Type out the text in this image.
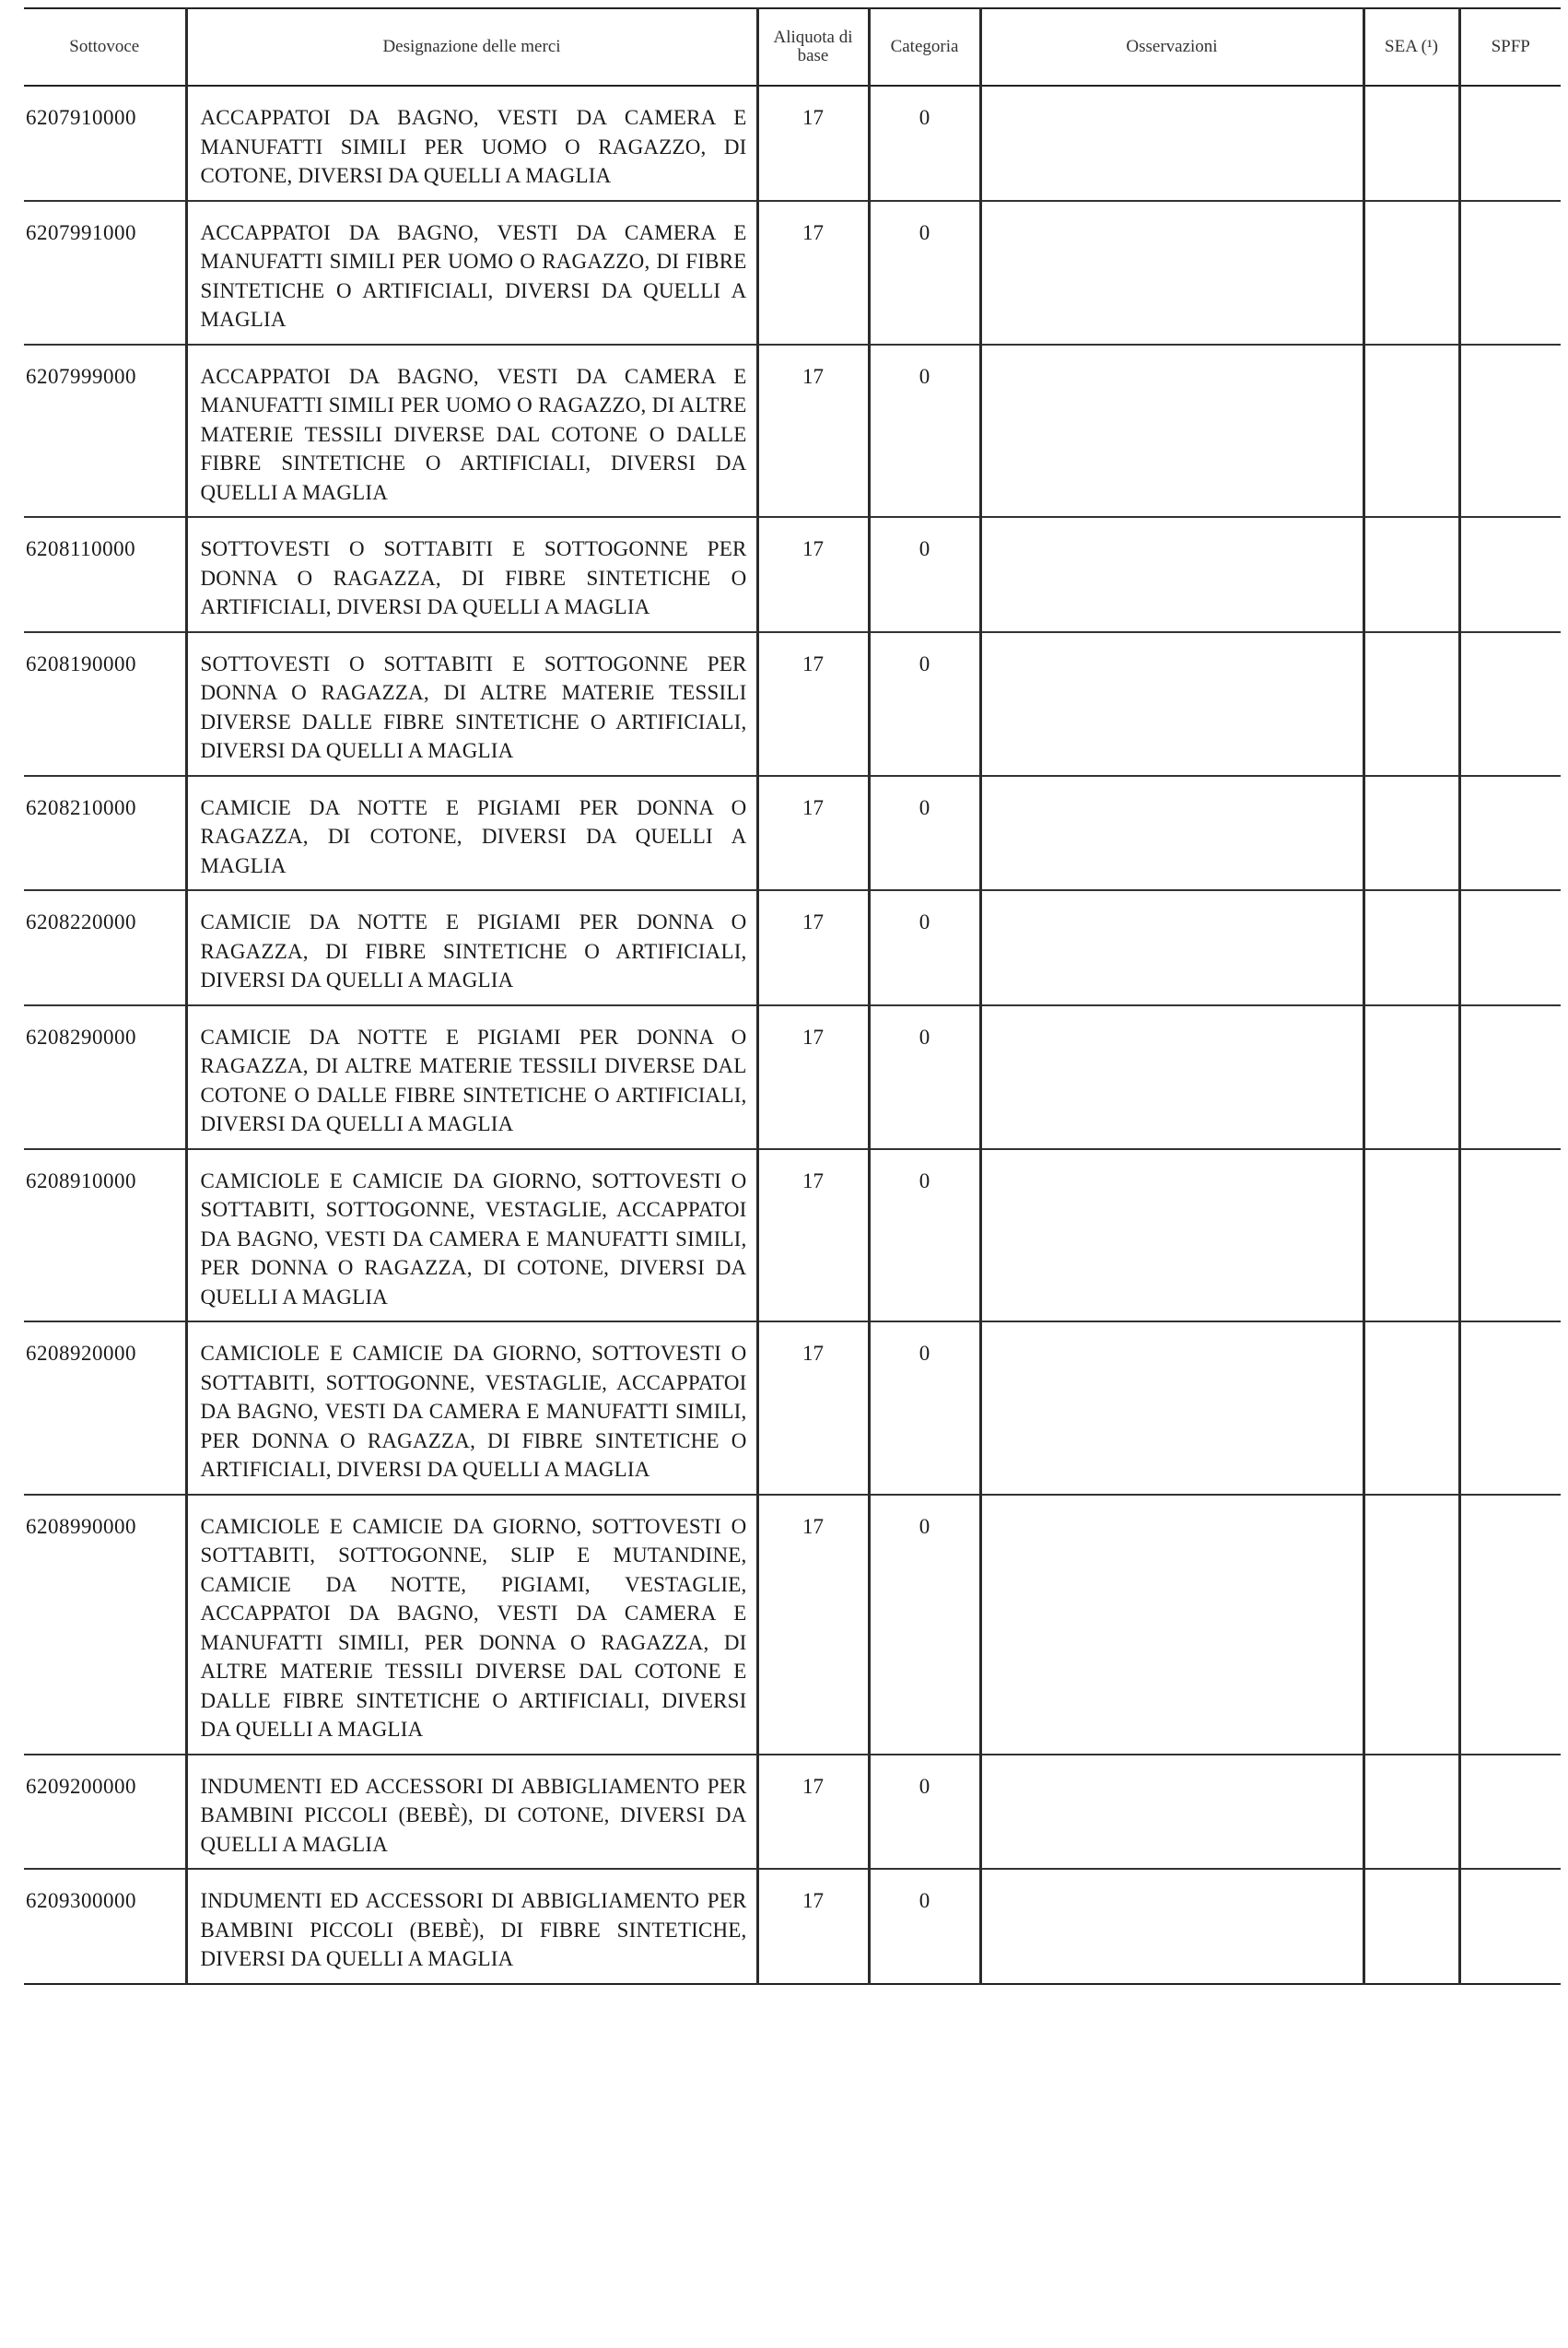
Sottovoce	Designazione delle merci	Aliquota di base	Categoria	Osservazioni	SEA (¹)	SPFP
6207910000	ACCAPPATOI DA BAGNO, VESTI DA CAMERA E MANUFATTI SIMILI PER UOMO O RAGAZZO, DI COTONE, DIVERSI DA QUELLI A MAGLIA	17	0			
6207991000	ACCAPPATOI DA BAGNO, VESTI DA CAMERA E MANUFATTI SIMILI PER UOMO O RAGAZZO, DI FIBRE SINTETICHE O ARTIFICIALI, DIVERSI DA QUELLI A MAGLIA	17	0			
6207999000	ACCAPPATOI DA BAGNO, VESTI DA CAMERA E MANUFATTI SIMILI PER UOMO O RAGAZZO, DI ALTRE MATERIE TESSILI DIVERSE DAL COTONE O DALLE FIBRE SINTETICHE O ARTIFICIALI, DIVERSI DA QUELLI A MAGLIA	17	0			
6208110000	SOTTOVESTI O SOTTABITI E SOTTOGONNE PER DONNA O RAGAZZA, DI FIBRE SINTETICHE O ARTIFICIALI, DIVERSI DA QUELLI A MAGLIA	17	0			
6208190000	SOTTOVESTI O SOTTABITI E SOTTOGONNE PER DONNA O RAGAZZA, DI ALTRE MATERIE TESSILI DIVERSE DALLE FIBRE SINTETICHE O ARTIFICIALI, DIVERSI DA QUELLI A MAGLIA	17	0			
6208210000	CAMICIE DA NOTTE E PIGIAMI PER DONNA O RAGAZZA, DI COTONE, DIVERSI DA QUELLI A MAGLIA	17	0			
6208220000	CAMICIE DA NOTTE E PIGIAMI PER DONNA O RAGAZZA, DI FIBRE SINTETICHE O ARTIFICIALI, DIVERSI DA QUELLI A MAGLIA	17	0			
6208290000	CAMICIE DA NOTTE E PIGIAMI PER DONNA O RAGAZZA, DI ALTRE MATERIE TESSILI DIVERSE DAL COTONE O DALLE FIBRE SINTETICHE O ARTIFICIALI, DIVERSI DA QUELLI A MAGLIA	17	0			
6208910000	CAMICIOLE E CAMICIE DA GIORNO, SOTTOVESTI O SOTTABITI, SOTTOGONNE, VESTAGLIE, ACCAPPATOI DA BAGNO, VESTI DA CAMERA E MANUFATTI SIMILI, PER DONNA O RAGAZZA, DI COTONE, DIVERSI DA QUELLI A MAGLIA	17	0			
6208920000	CAMICIOLE E CAMICIE DA GIORNO, SOTTOVESTI O SOTTABITI, SOTTOGONNE, VESTAGLIE, ACCAPPATOI DA BAGNO, VESTI DA CAMERA E MANUFATTI SIMILI, PER DONNA O RAGAZZA, DI FIBRE SINTETICHE O ARTIFICIALI, DIVERSI DA QUELLI A MAGLIA	17	0			
6208990000	CAMICIOLE E CAMICIE DA GIORNO, SOTTOVESTI O SOTTABITI, SOTTOGONNE, SLIP E MUTANDINE, CAMICIE DA NOTTE, PIGIAMI, VESTAGLIE, ACCAPPATOI DA BAGNO, VESTI DA CAMERA E MANUFATTI SIMILI, PER DONNA O RAGAZZA, DI ALTRE MATERIE TESSILI DIVERSE DAL COTONE E DALLE FIBRE SINTETICHE O ARTIFICIALI, DIVERSI DA QUELLI A MAGLIA	17	0			
6209200000	INDUMENTI ED ACCESSORI DI ABBIGLIAMENTO PER BAMBINI PICCOLI (BEBÈ), DI COTONE, DIVERSI DA QUELLI A MAGLIA	17	0			
6209300000	INDUMENTI ED ACCESSORI DI ABBIGLIAMENTO PER BAMBINI PICCOLI (BEBÈ), DI FIBRE SINTETICHE, DIVERSI DA QUELLI A MAGLIA	17	0			
